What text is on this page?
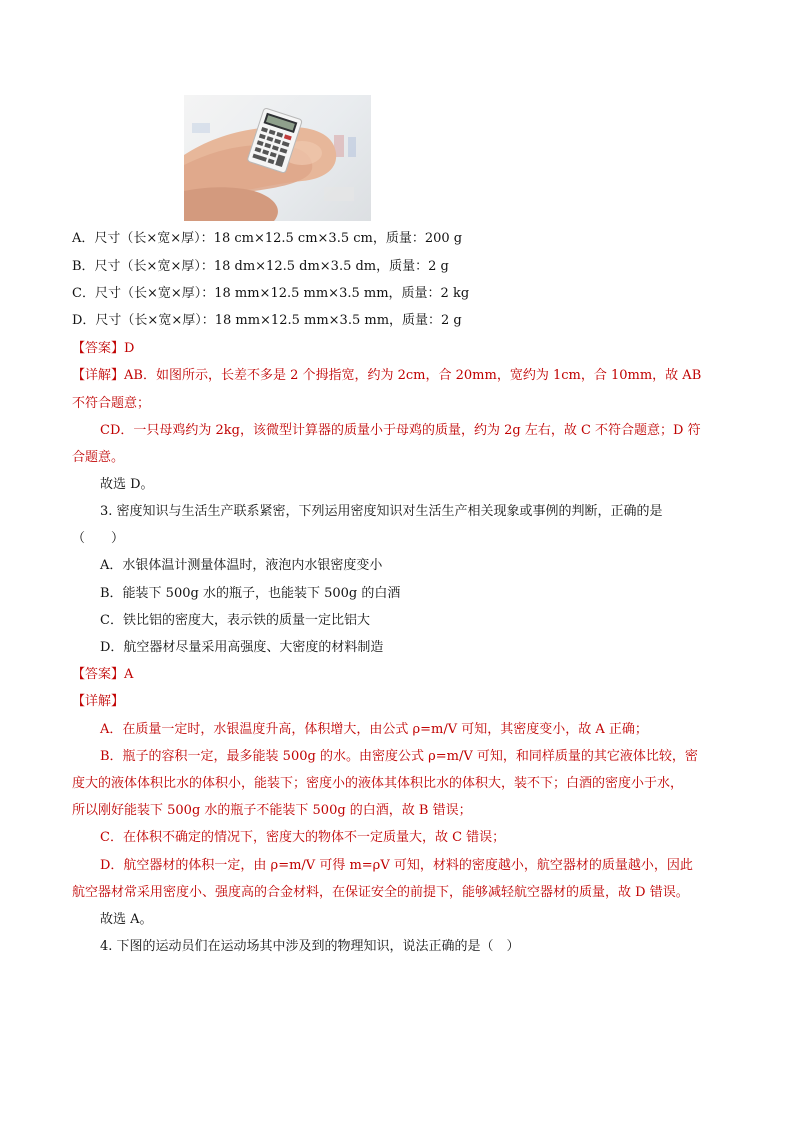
A．尺寸（长×宽×厚）：18 cm×12.5 cm×3.5 cm，质量：200 g
B．尺寸（长×宽×厚）：18 dm×12.5 dm×3.5 dm，质量：2 g
C．尺寸（长×宽×厚）：18 mm×12.5 mm×3.5 mm，质量：2 kg
D．尺寸（长×宽×厚）：18 mm×12.5 mm×3.5 mm，质量：2 g
【答案】D
【详解】AB．如图所示，长差不多是 2 个拇指宽，约为 2cm，合 20mm，宽约为 1cm，合 10mm，故 AB
不符合题意；
CD．一只母鸡约为 2kg，该微型计算器的质量小于母鸡的质量，约为 2g 左右，故 C 不符合题意；D 符
合题意。
故选 D。
3. 密度知识与生活生产联系紧密，下列运用密度知识对生活生产相关现象或事例的判断，正确的是
（　　）
A．水银体温计测量体温时，液泡内水银密度变小
B．能装下 500g 水的瓶子，也能装下 500g 的白酒
C．铁比铝的密度大，表示铁的质量一定比铝大
D．航空器材尽量采用高强度、大密度的材料制造
【答案】A
【详解】
A．在质量一定时，水银温度升高，体积增大，由公式 ρ=m/V 可知，其密度变小，故 A 正确；
B．瓶子的容积一定，最多能装 500g 的水。由密度公式 ρ=m/V 可知，和同样质量的其它液体比较，密
度大的液体体积比水的体积小，能装下；密度小的液体其体积比水的体积大，装不下；白酒的密度小于水，
所以刚好能装下 500g 水的瓶子不能装下 500g 的白酒，故 B 错误；
C．在体积不确定的情况下，密度大的物体不一定质量大，故 C 错误；
D．航空器材的体积一定，由 ρ=m/V 可得 m=ρV 可知，材料的密度越小，航空器材的质量越小，因此
航空器材常采用密度小、强度高的合金材料，在保证安全的前提下，能够减轻航空器材的质量，故 D 错误。
故选 A。
4. 下图的运动员们在运动场其中涉及到的物理知识，说法正确的是（　）
